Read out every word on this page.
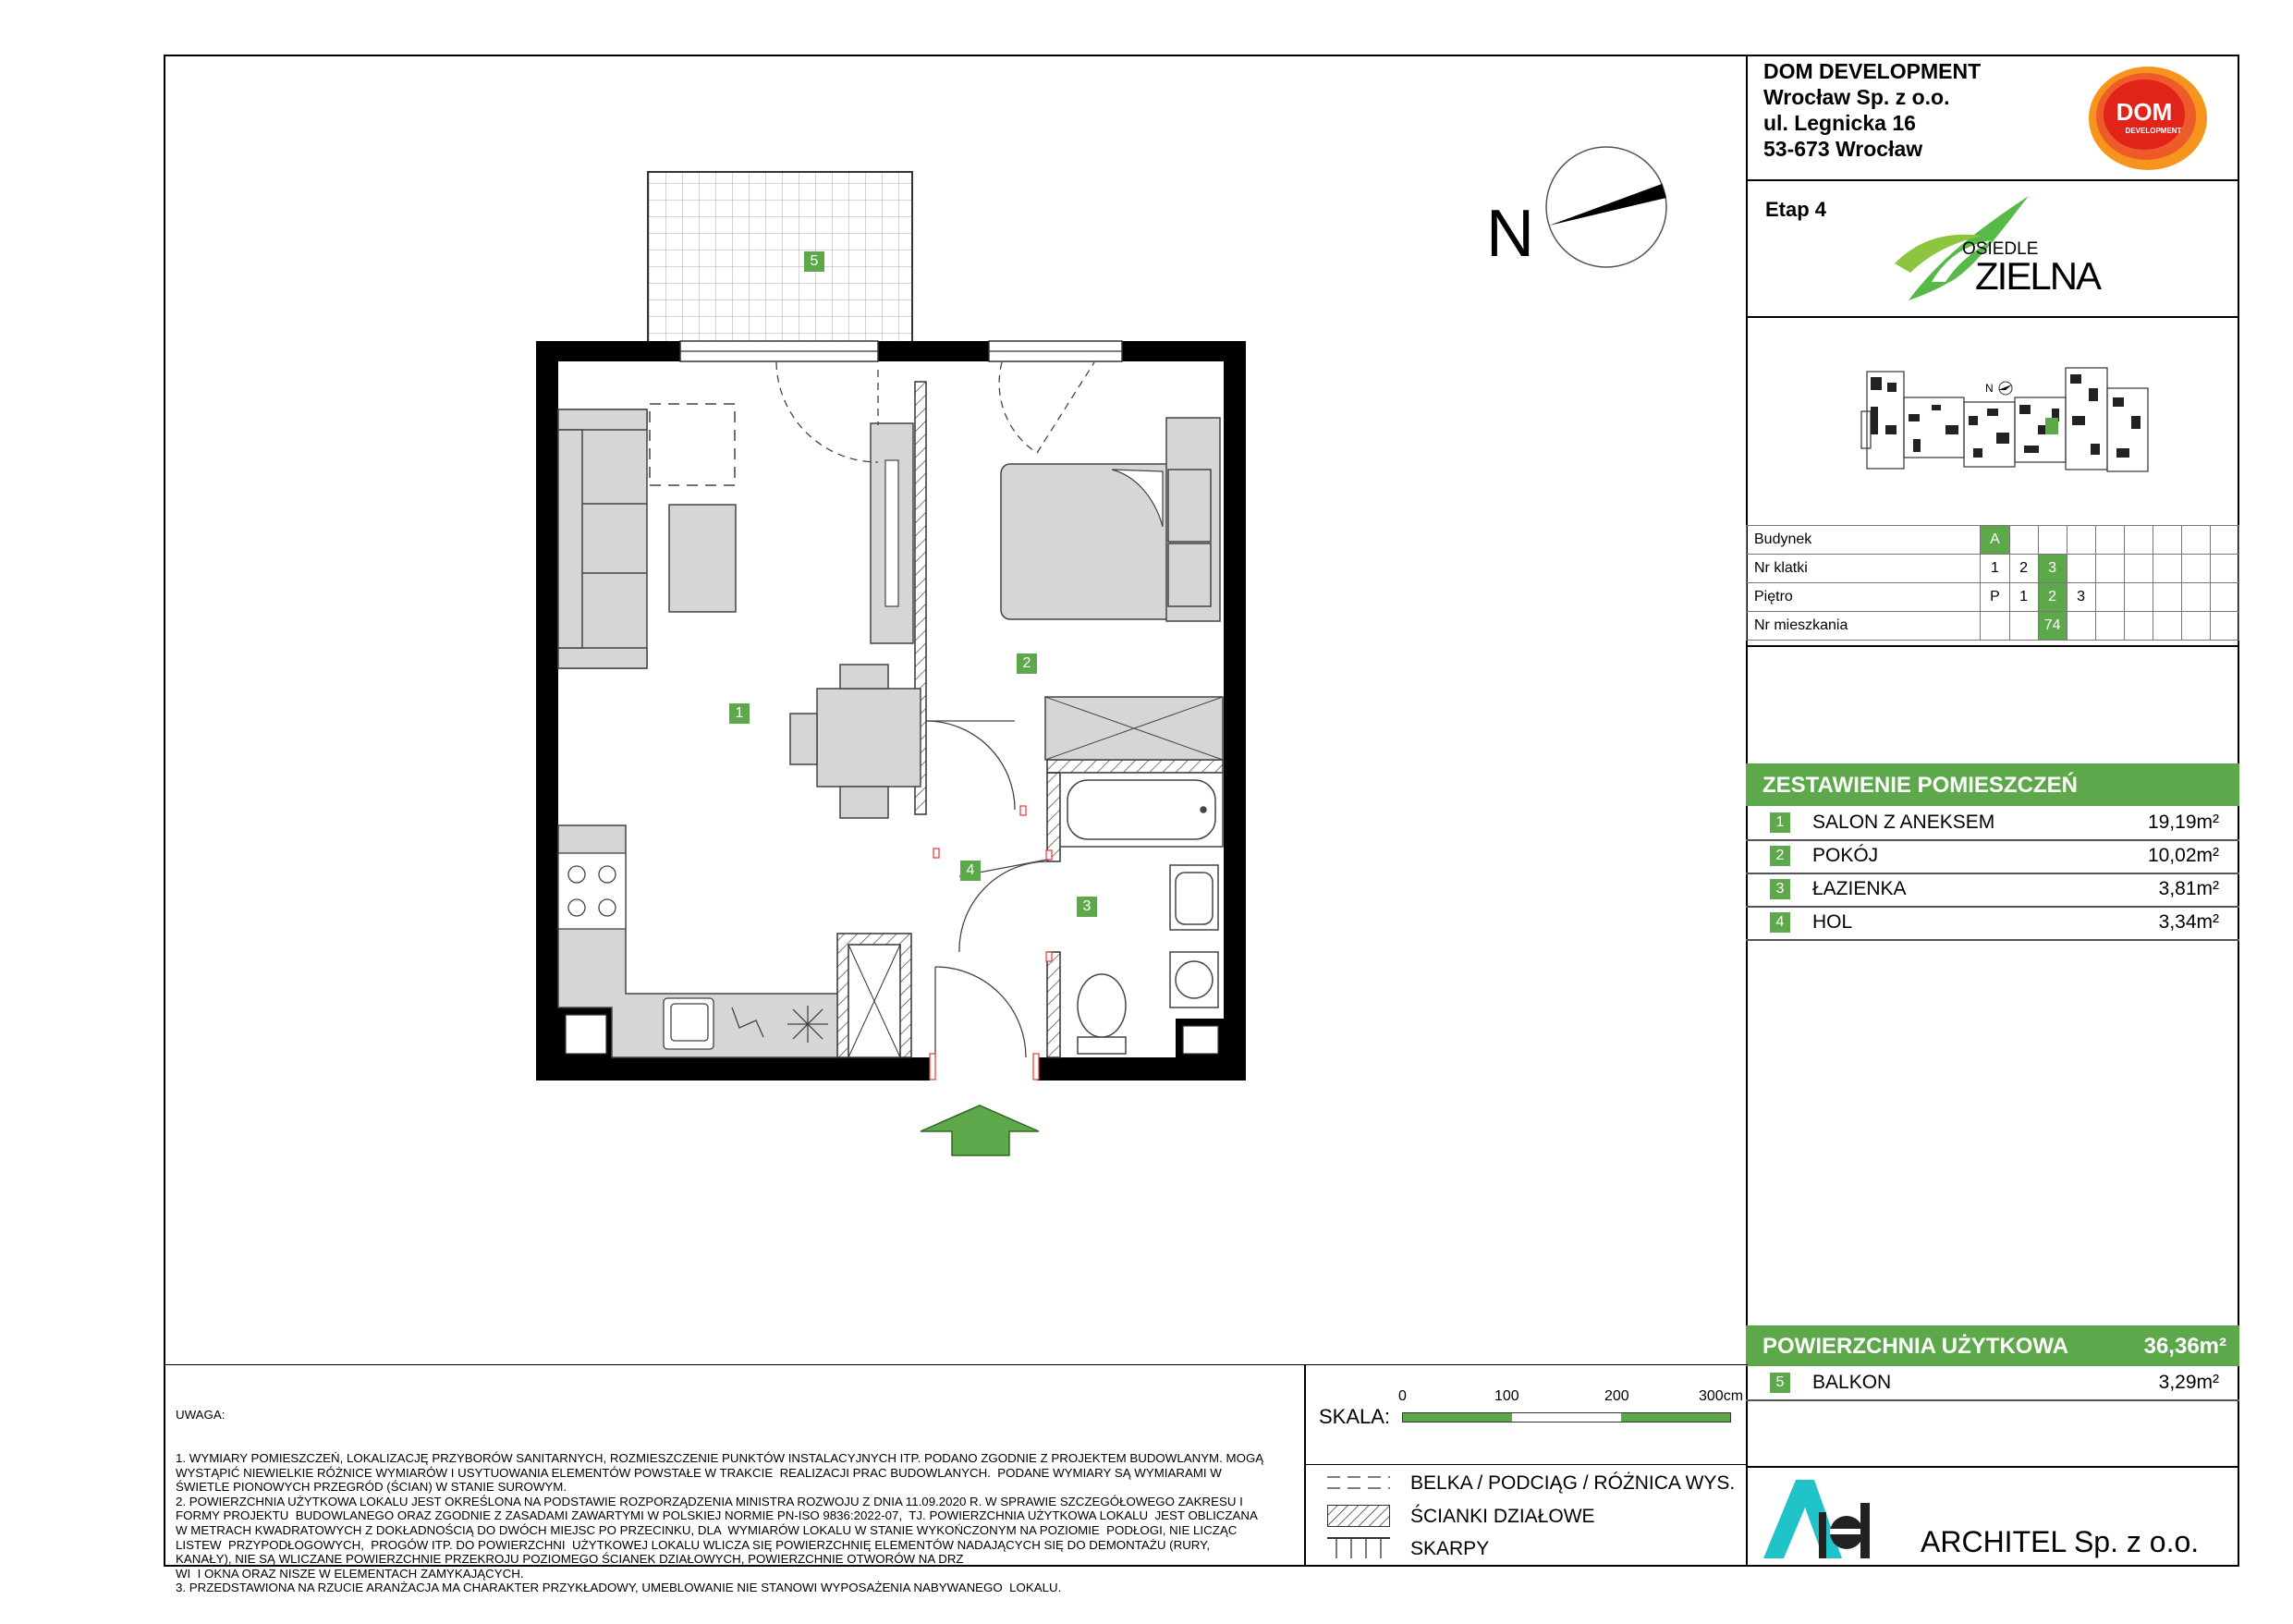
DOM DEVELOPMENT
Wrocław Sp. z o.o.
ul. Legnicka 16
53-673 Wrocław
DOM
DEVELOPMENT
Etap 4
OSIEDLE
ZIELNA
N
Budynek	A								
Nr klatki	1	2	3						
Piętro	P	1	2	3					
Nr mieszkania			74						
ZESTAWIENIE POMIESZCZEŃ
1	SALON Z ANEKSEM	19,19m²
2	POKÓJ	10,02m²
3	ŁAZIENKA	3,81m²
4	HOL	3,34m²
POWIERZCHNIA UŻYTKOWA	36,36m²
5	BALKON	3,29m²
ARCHITEL Sp. z o.o.

UWAGA:

1. WYMIARY POMIESZCZEŃ, LOKALIZACJĘ PRZYBORÓW SANITARNYCH, ROZMIESZCZENIE PUNKTÓW INSTALACYJNYCH ITP. PODANO ZGODNIE Z PROJEKTEM BUDOWLANYM. MOGĄ
WYSTĄPIĆ NIEWIELKIE RÓŻNICE WYMIARÓW I USYTUOWANIA ELEMENTÓW POWSTAŁE W TRAKCIE  REALIZACJI PRAC BUDOWLANYCH.  PODANE WYMIARY SĄ WYMIARAMI W
ŚWIETLE PIONOWYCH PRZEGRÓD (ŚCIAN) W STANIE SUROWYM.
2. POWIERZCHNIA UŻYTKOWA LOKALU JEST OKREŚLONA NA PODSTAWIE ROZPORZĄDZENIA MINISTRA ROZWOJU Z DNIA 11.09.2020 R. W SPRAWIE SZCZEGÓŁOWEGO ZAKRESU I
FORMY PROJEKTU  BUDOWLANEGO ORAZ ZGODNIE Z ZASADAMI ZAWARTYMI W POLSKIEJ NORMIE PN-ISO 9836:2022-07,  TJ. POWIERZCHNIA UŻYTKOWA LOKALU  JEST OBLICZANA
W METRACH KWADRATOWYCH Z DOKŁADNOŚCIĄ DO DWÓCH MIEJSC PO PRZECINKU, DLA  WYMIARÓW LOKALU W STANIE WYKOŃCZONYM NA POZIOMIE  PODŁOGI, NIE LICZĄC
LISTEW  PRZYPODŁOGOWYCH,  PROGÓW ITP. DO POWIERZCHNI  UŻYTKOWEJ LOKALU WLICZA SIĘ POWIERZCHNIĘ ELEMENTÓW NADAJĄCYCH SIĘ DO DEMONTAŻU (RURY,
KANAŁY), NIE SĄ WLICZANE POWIERZCHNIE PRZEKROJU POZIOMEGO ŚCIANEK DZIAŁOWYCH, POWIERZCHNIE OTWORÓW NA DRZ
WI  I OKNA ORAZ NISZE W ELEMENTACH ZAMYKAJĄCYCH.
3. PRZEDSTAWIONA NA RZUCIE ARANŻACJA MA CHARAKTER PRZYKŁADOWY, UMEBLOWANIE NIE STANOWI WYPOSAŻENIA NABYWANEGO  LOKALU.

SKALA:
0	100	200	300cm
BELKA / PODCIĄG / RÓŻNICA WYS.
ŚCIANKI DZIAŁOWE
SKARPY
N
1
2
3
4
5
